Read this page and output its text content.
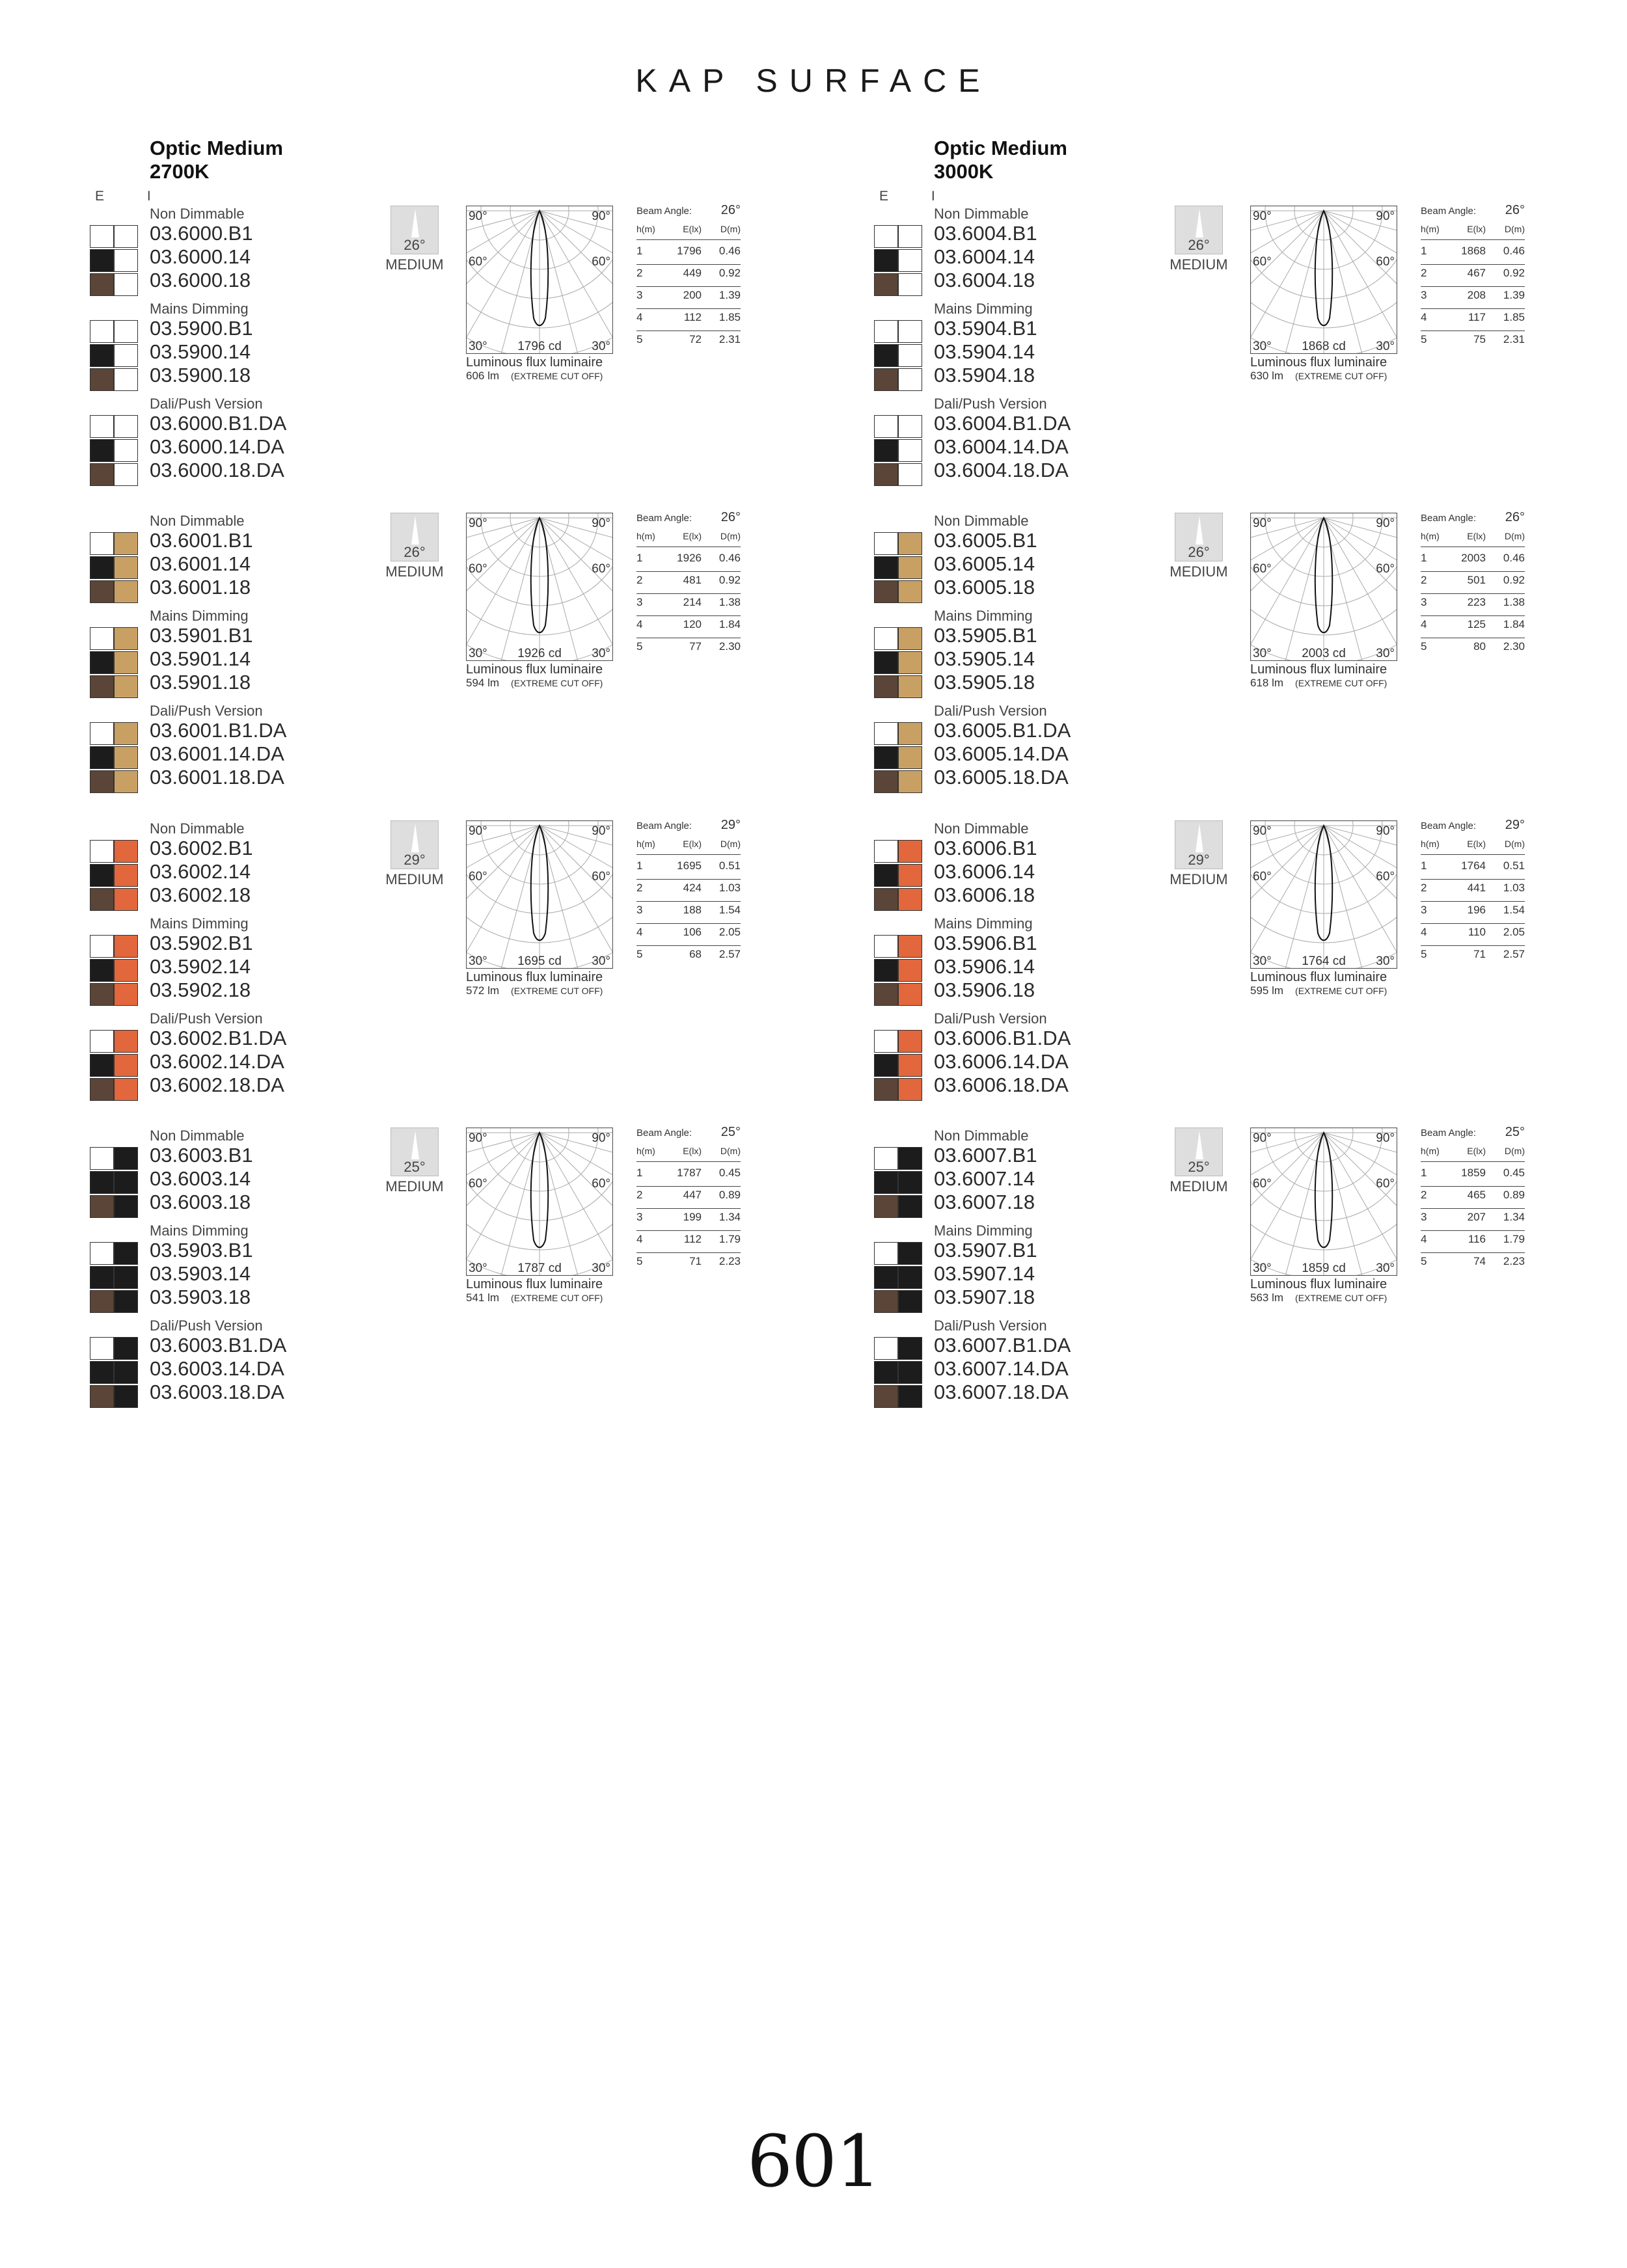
KAP SURFACE
Optic Medium
2700K
E I
Non Dimmable
03.6000.B1
03.6000.14
03.6000.18
Mains Dimming
03.5900.B1
03.5900.14
03.5900.18
Dali/Push Version
03.6000.B1.DA
03.6000.14.DA
03.6000.18.DA
26°
MEDIUM
90°	90°
60°	60°
30°	30°
1796 cd
Luminous flux luminaire
606 lm (EXTREME CUT OFF)
Beam Angle: 26°
h(m)	E(lx) D(m)
1	1796 0.46
2	449 0.92
3	200 1.39
4	112 1.85
5	72 2.31
Non Dimmable
03.6001.B1
03.6001.14
03.6001.18
Mains Dimming
03.5901.B1
03.5901.14
03.5901.18
Dali/Push Version
03.6001.B1.DA
03.6001.14.DA
03.6001.18.DA
26°
MEDIUM
90°	90°
60°	60°
30°	30°
1926 cd
Luminous flux luminaire
594 lm (EXTREME CUT OFF)
Beam Angle: 26°
h(m)	E(lx) D(m)
1	1926 0.46
2	481 0.92
3	214 1.38
4	120 1.84
5	77 2.30
Non Dimmable
03.6002.B1
03.6002.14
03.6002.18
Mains Dimming
03.5902.B1
03.5902.14
03.5902.18
Dali/Push Version
03.6002.B1.DA
03.6002.14.DA
03.6002.18.DA
29°
MEDIUM
90°	90°
60°	60°
30°	30°
1695 cd
Luminous flux luminaire
572 lm (EXTREME CUT OFF)
Beam Angle: 29°
h(m)	E(lx) D(m)
1	1695 0.51
2	424 1.03
3	188 1.54
4	106 2.05
5	68 2.57
Non Dimmable
03.6003.B1
03.6003.14
03.6003.18
Mains Dimming
03.5903.B1
03.5903.14
03.5903.18
Dali/Push Version
03.6003.B1.DA
03.6003.14.DA
03.6003.18.DA
25°
MEDIUM
90°	90°
60°	60°
30°	30°
1787 cd
Luminous flux luminaire
541 lm (EXTREME CUT OFF)
Beam Angle: 25°
h(m)	E(lx) D(m)
1	1787 0.45
2	447 0.89
3	199 1.34
4	112 1.79
5	71 2.23
Optic Medium
3000K
E I
Non Dimmable
03.6004.B1
03.6004.14
03.6004.18
Mains Dimming
03.5904.B1
03.5904.14
03.5904.18
Dali/Push Version
03.6004.B1.DA
03.6004.14.DA
03.6004.18.DA
26°
MEDIUM
90°	90°
60°	60°
30°	30°
1868 cd
Luminous flux luminaire
630 lm (EXTREME CUT OFF)
Beam Angle: 26°
h(m)	E(lx) D(m)
1	1868 0.46
2	467 0.92
3	208 1.39
4	117 1.85
5	75 2.31
Non Dimmable
03.6005.B1
03.6005.14
03.6005.18
Mains Dimming
03.5905.B1
03.5905.14
03.5905.18
Dali/Push Version
03.6005.B1.DA
03.6005.14.DA
03.6005.18.DA
26°
MEDIUM
90°	90°
60°	60°
30°	30°
2003 cd
Luminous flux luminaire
618 lm (EXTREME CUT OFF)
Beam Angle: 26°
h(m)	E(lx) D(m)
1	2003 0.46
2	501 0.92
3	223 1.38
4	125 1.84
5	80 2.30
Non Dimmable
03.6006.B1
03.6006.14
03.6006.18
Mains Dimming
03.5906.B1
03.5906.14
03.5906.18
Dali/Push Version
03.6006.B1.DA
03.6006.14.DA
03.6006.18.DA
29°
MEDIUM
90°	90°
60°	60°
30°	30°
1764 cd
Luminous flux luminaire
595 lm (EXTREME CUT OFF)
Beam Angle: 29°
h(m)	E(lx) D(m)
1	1764 0.51
2	441 1.03
3	196 1.54
4	110 2.05
5	71 2.57
Non Dimmable
03.6007.B1
03.6007.14
03.6007.18
Mains Dimming
03.5907.B1
03.5907.14
03.5907.18
Dali/Push Version
03.6007.B1.DA
03.6007.14.DA
03.6007.18.DA
25°
MEDIUM
90°	90°
60°	60°
30°	30°
1859 cd
Luminous flux luminaire
563 lm (EXTREME CUT OFF)
Beam Angle: 25°
h(m)	E(lx) D(m)
1	1859 0.45
2	465 0.89
3	207 1.34
4	116 1.79
5	74 2.23
601
